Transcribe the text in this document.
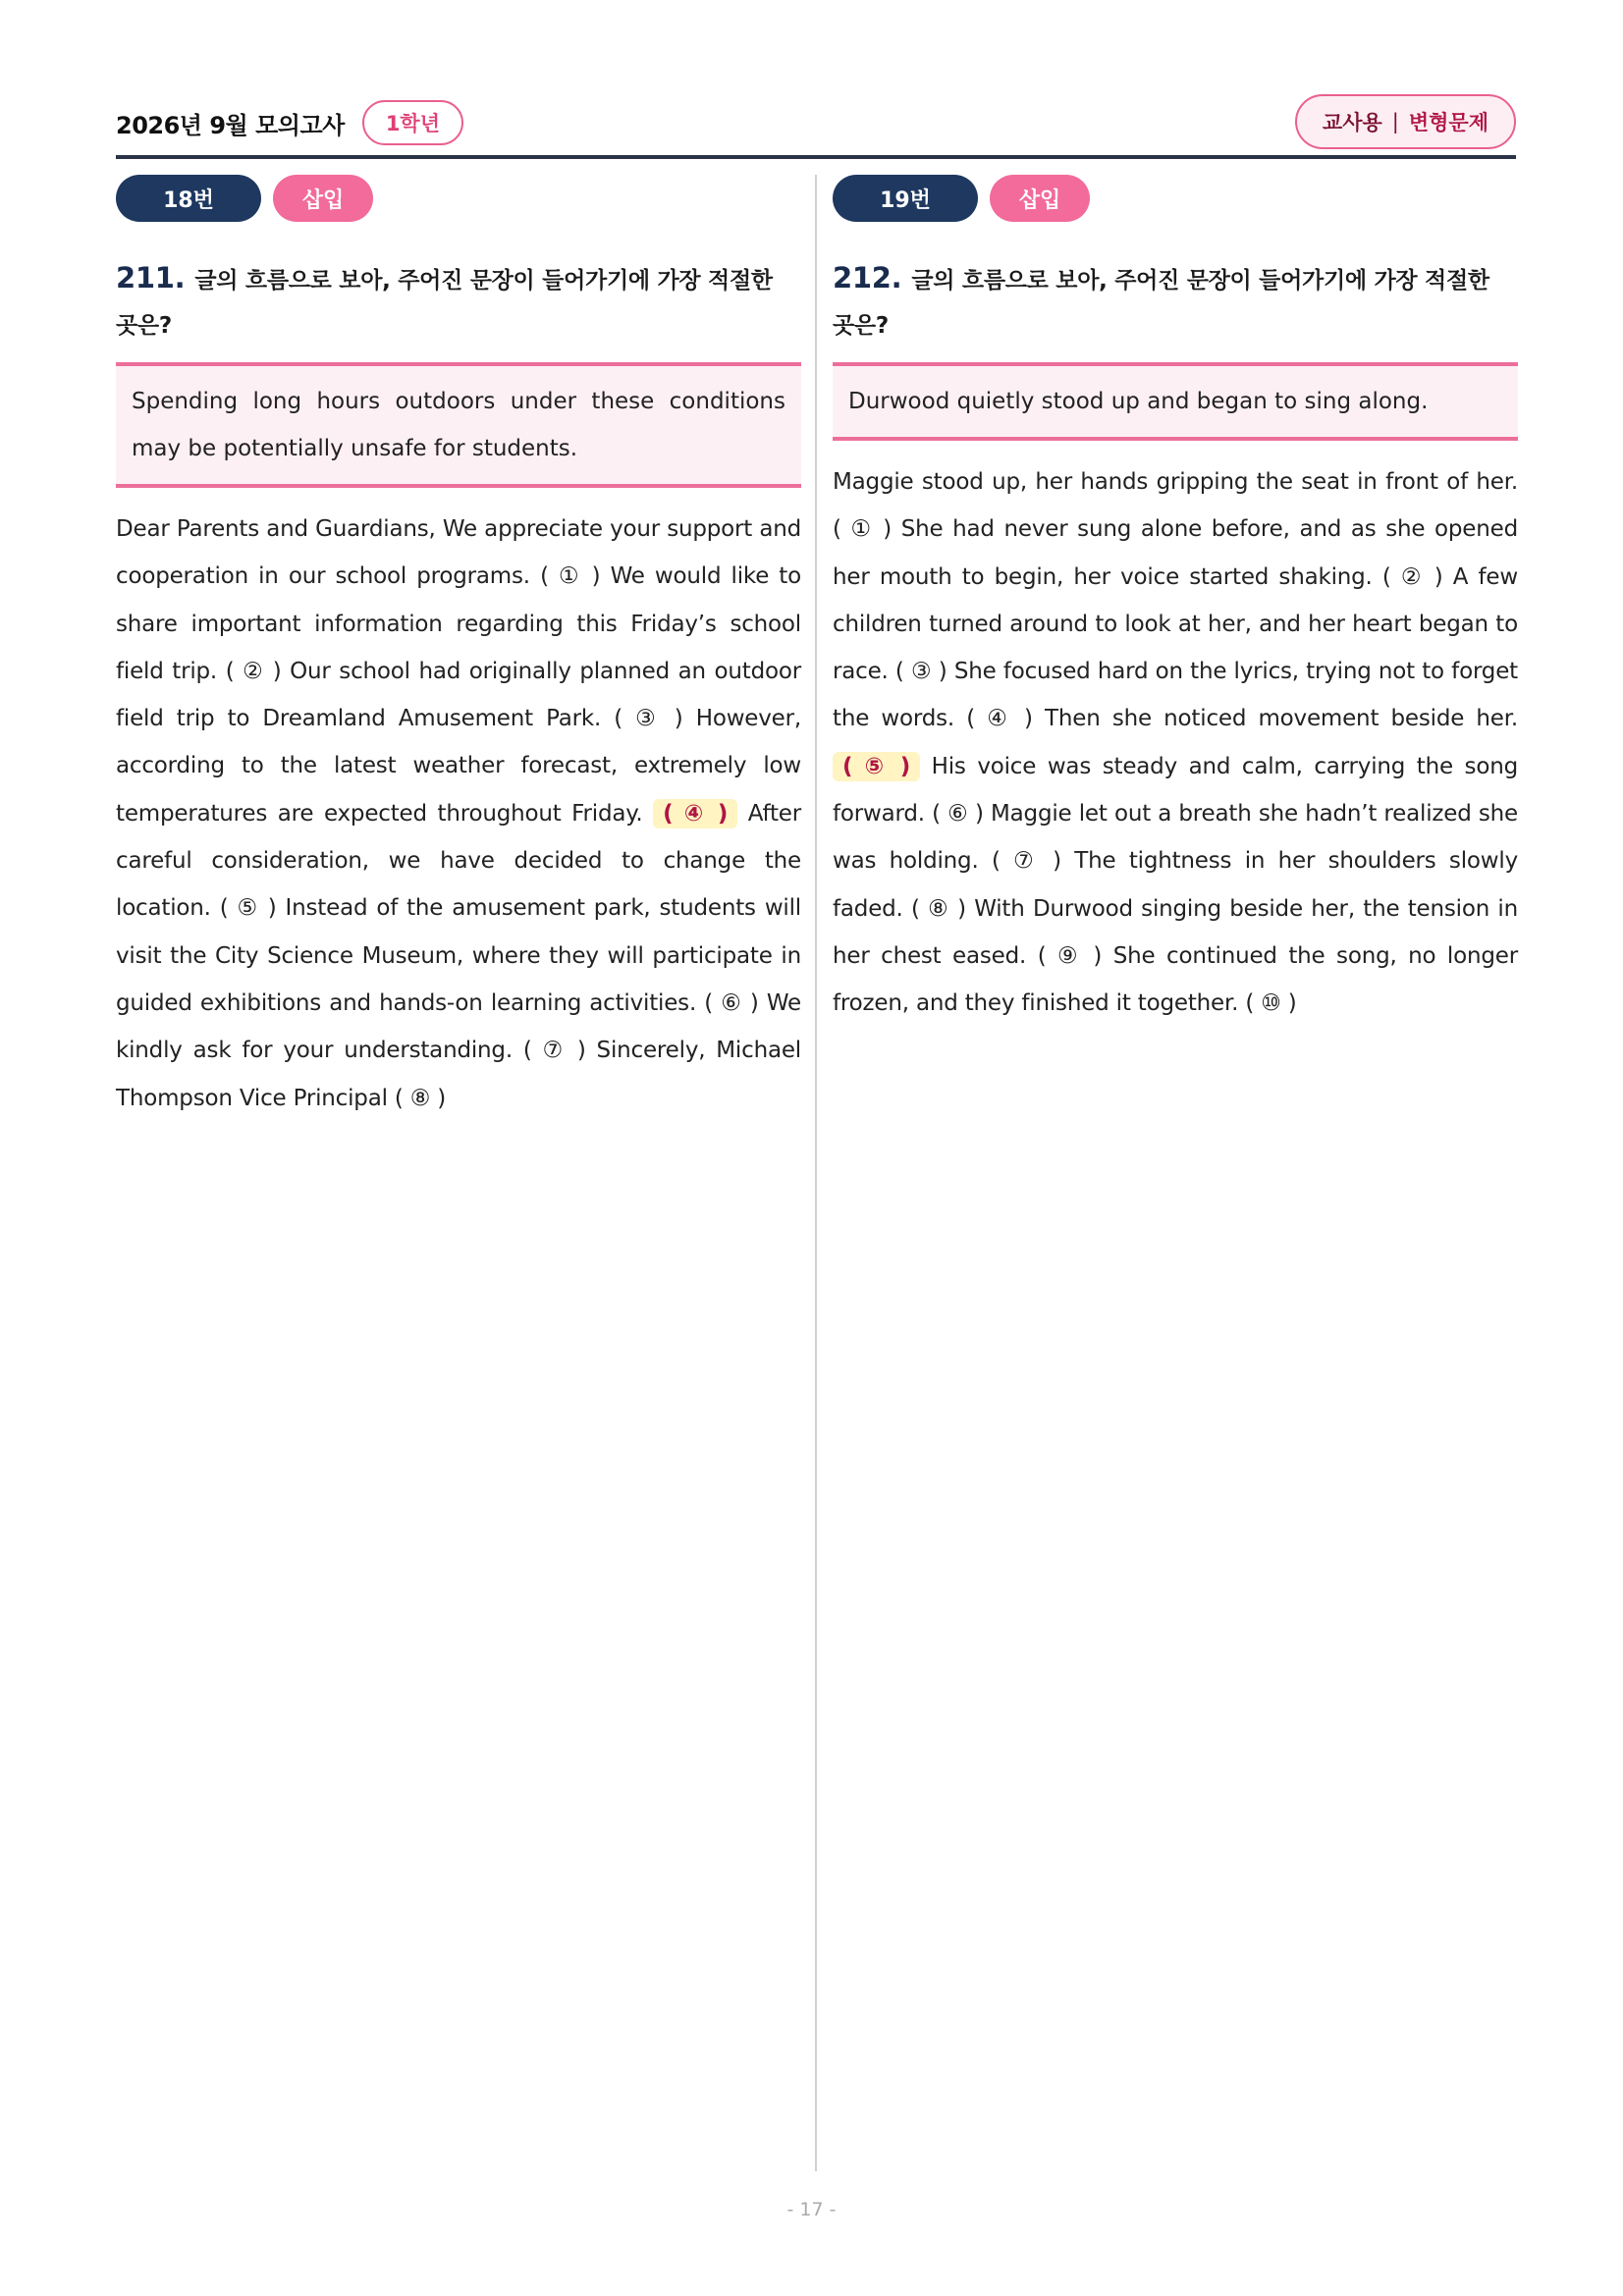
2026년 9월 모의고사	1학년	교사용 | 변형문제
18번	삽입
211. 글의 흐름으로 보아, 주어진 문장이 들어가기에 가장 적절한 곳은?
Spending long hours outdoors under these conditions may be potentially unsafe for students.
Dear Parents and Guardians, We appreciate your support and cooperation in our school programs. ( ① ) We would like to share important information regarding this Friday’s school field trip. ( ② ) Our school had originally planned an outdoor field trip to Dreamland Amusement Park. ( ③ ) However, according to the latest weather forecast, extremely low temperatures are expected throughout Friday. ( ④ ) After careful consideration, we have decided to change the location. ( ⑤ ) Instead of the amusement park, students will visit the City Science Museum, where they will participate in guided exhibitions and hands-on learning activities. ( ⑥ ) We kindly ask for your understanding. ( ⑦ ) Sincerely, Michael Thompson Vice Principal ( ⑧ )
19번	삽입
212. 글의 흐름으로 보아, 주어진 문장이 들어가기에 가장 적절한 곳은?
Durwood quietly stood up and began to sing along.
Maggie stood up, her hands gripping the seat in front of her. ( ① ) She had never sung alone before, and as she opened her mouth to begin, her voice started shaking. ( ② ) A few children turned around to look at her, and her heart began to race. ( ③ ) She focused hard on the lyrics, trying not to forget the words. ( ④ ) Then she noticed movement beside her. ( ⑤ ) His voice was steady and calm, carrying the song forward. ( ⑥ ) Maggie let out a breath she hadn’t realized she was holding. ( ⑦ ) The tightness in her shoulders slowly faded. ( ⑧ ) With Durwood singing beside her, the tension in her chest eased. ( ⑨ ) She continued the song, no longer frozen, and they finished it together. ( ⑩ )
- 17 -
